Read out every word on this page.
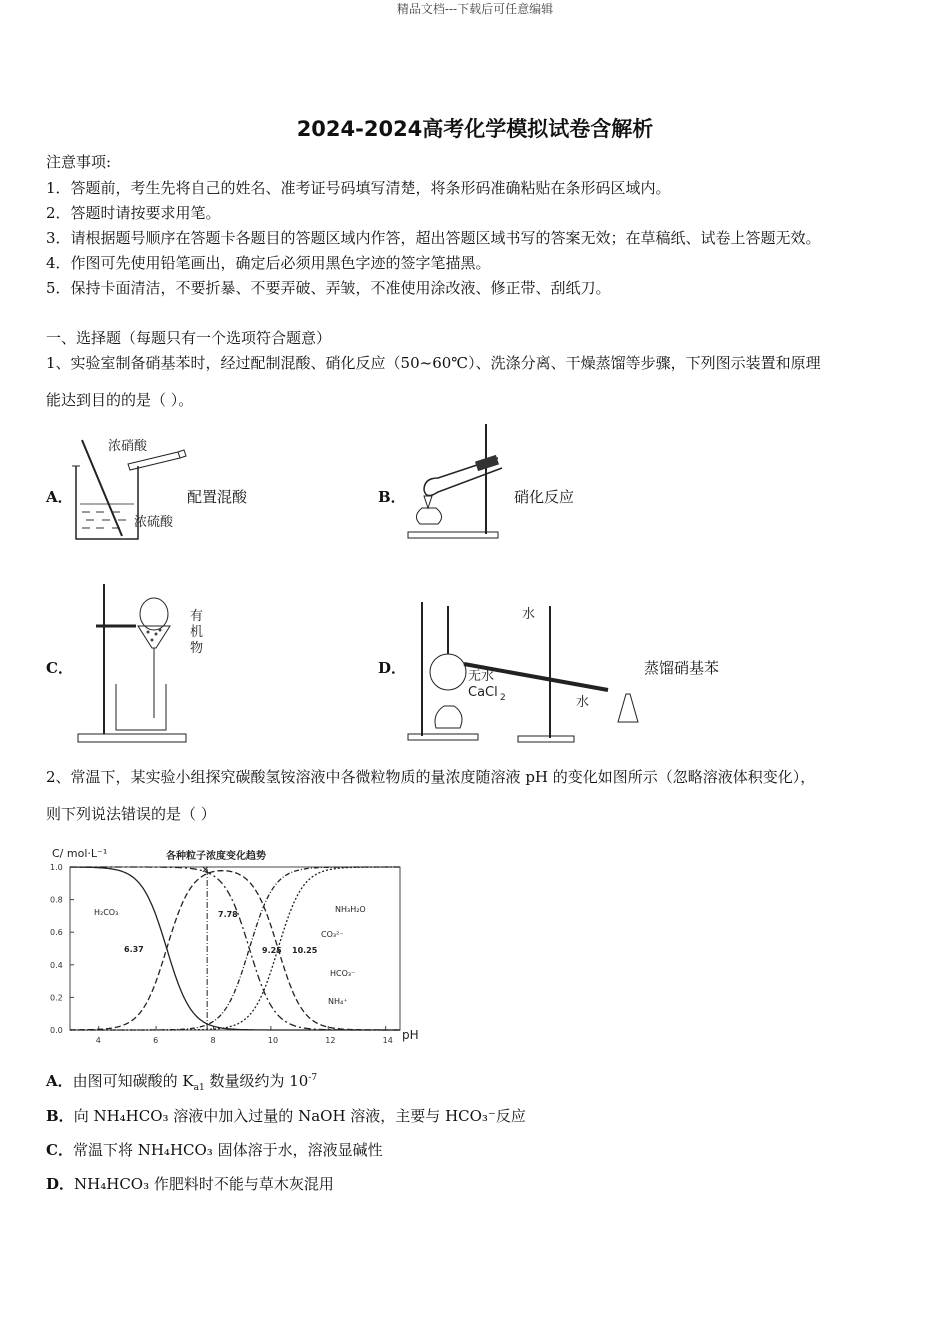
精品文档---下载后可任意编辑
2024-2024高考化学模拟试卷含解析
注意事项:
1．答题前，考生先将自己的姓名、准考证号码填写清楚，将条形码准确粘贴在条形码区域内。
2．答题时请按要求用笔。
3．请根据题号顺序在答题卡各题目的答题区域内作答，超出答题区域书写的答案无效；在草稿纸、试卷上答题无效。
4．作图可先使用铅笔画出，确定后必须用黑色字迹的签字笔描黑。
5．保持卡面清洁，不要折暴、不要弄破、弄皱，不准使用涂改液、修正带、刮纸刀。
一、选择题（每题只有一个选项符合题意）
1、实验室制备硝基苯时，经过配制混酸、硝化反应（50~60℃）、洗涤分离、干燥蒸馏等步骤，下列图示装置和原理
能达到目的的是（ ）。
A．
浓硝酸
浓硫酸
配置混酸	B．	硝化反应
C．
有
机
物
D．
水
无水
CaCl 2	水
蒸馏硝基苯
2、常温下，某实验小组探究碳酸氢铵溶液中各微粒物质的量浓度随溶液 pH 的变化如图所示（忽略溶液体积变化），
则下列说法错误的是（ ）
C/ mol·L⁻¹	各种粒子浓度变化趋势
pH
4	6	8	10	12	14
0.0
0.2
0.4
0.6
0.8
1.0	✕
H₂CO₃	NH₃H₂O
CO₃²⁻
HCO₃⁻
NH₄⁺
6.37
7.78
9.25 10.25
A．由图可知碳酸的 $K_{a1}$ 数量级约为 $10^{-7}$
B．向 NH₄HCO₃ 溶液中加入过量的 NaOH 溶液，主要与 HCO₃⁻反应
C．常温下将 NH₄HCO₃ 固体溶于水，溶液显碱性
D．NH₄HCO₃ 作肥料时不能与草木灰混用
